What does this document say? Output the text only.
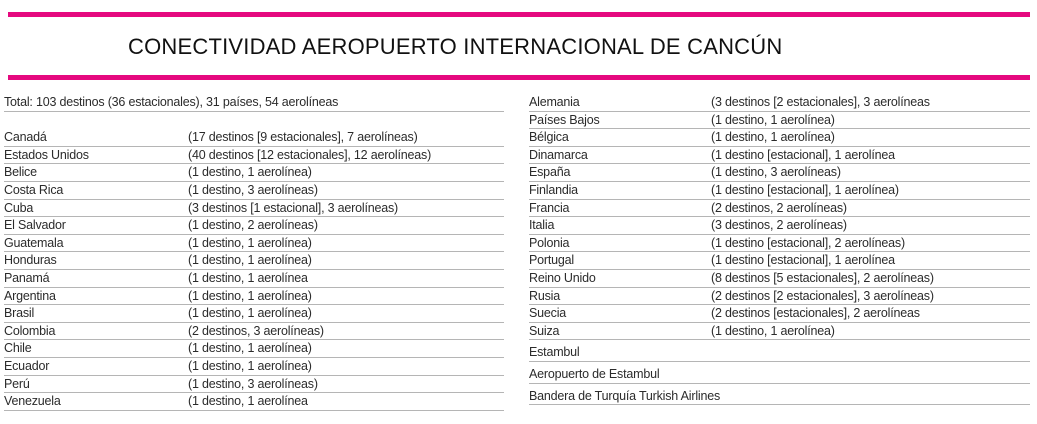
CONECTIVIDAD AEROPUERTO INTERNACIONAL DE CANCÚN
Total: 103 destinos (36 estacionales), 31 países, 54 aerolíneas
Canadá	(17 destinos [9 estacionales], 7 aerolíneas)
Estados Unidos	(40 destinos [12 estacionales], 12 aerolíneas)
Belice	(1 destino, 1 aerolínea)
Costa Rica	(1 destino, 3 aerolíneas)
Cuba	(3 destinos [1 estacional], 3 aerolíneas)
El Salvador	(1 destino, 2 aerolíneas)
Guatemala	(1 destino, 1 aerolínea)
Honduras	(1 destino, 1 aerolínea)
Panamá	(1 destino, 1 aerolínea
Argentina	(1 destino, 1 aerolínea)
Brasil	(1 destino, 1 aerolínea)
Colombia	(2 destinos, 3 aerolíneas)
Chile	(1 destino, 1 aerolínea)
Ecuador	(1 destino, 1 aerolínea)
Perú	(1 destino, 3 aerolíneas)
Venezuela	(1 destino, 1 aerolínea
Alemania	(3 destinos [2 estacionales], 3 aerolíneas
Países Bajos	(1 destino, 1 aerolínea)
Bélgica	(1 destino, 1 aerolínea)
Dinamarca	(1 destino [estacional], 1 aerolínea
España	(1 destino, 3 aerolíneas)
Finlandia	(1 destino [estacional], 1 aerolínea)
Francia	(2 destinos, 2 aerolíneas)
Italia	(3 destinos, 2 aerolíneas)
Polonia	(1 destino [estacional], 2 aerolíneas)
Portugal	(1 destino [estacional], 1 aerolínea
Reino Unido	(8 destinos [5 estacionales], 2 aerolíneas)
Rusia	(2 destinos [2 estacionales], 3 aerolíneas)
Suecia	(2 destinos [estacionales], 2 aerolíneas
Suiza	(1 destino, 1 aerolínea)
Estambul
Aeropuerto de Estambul
Bandera de Turquía Turkish Airlines
